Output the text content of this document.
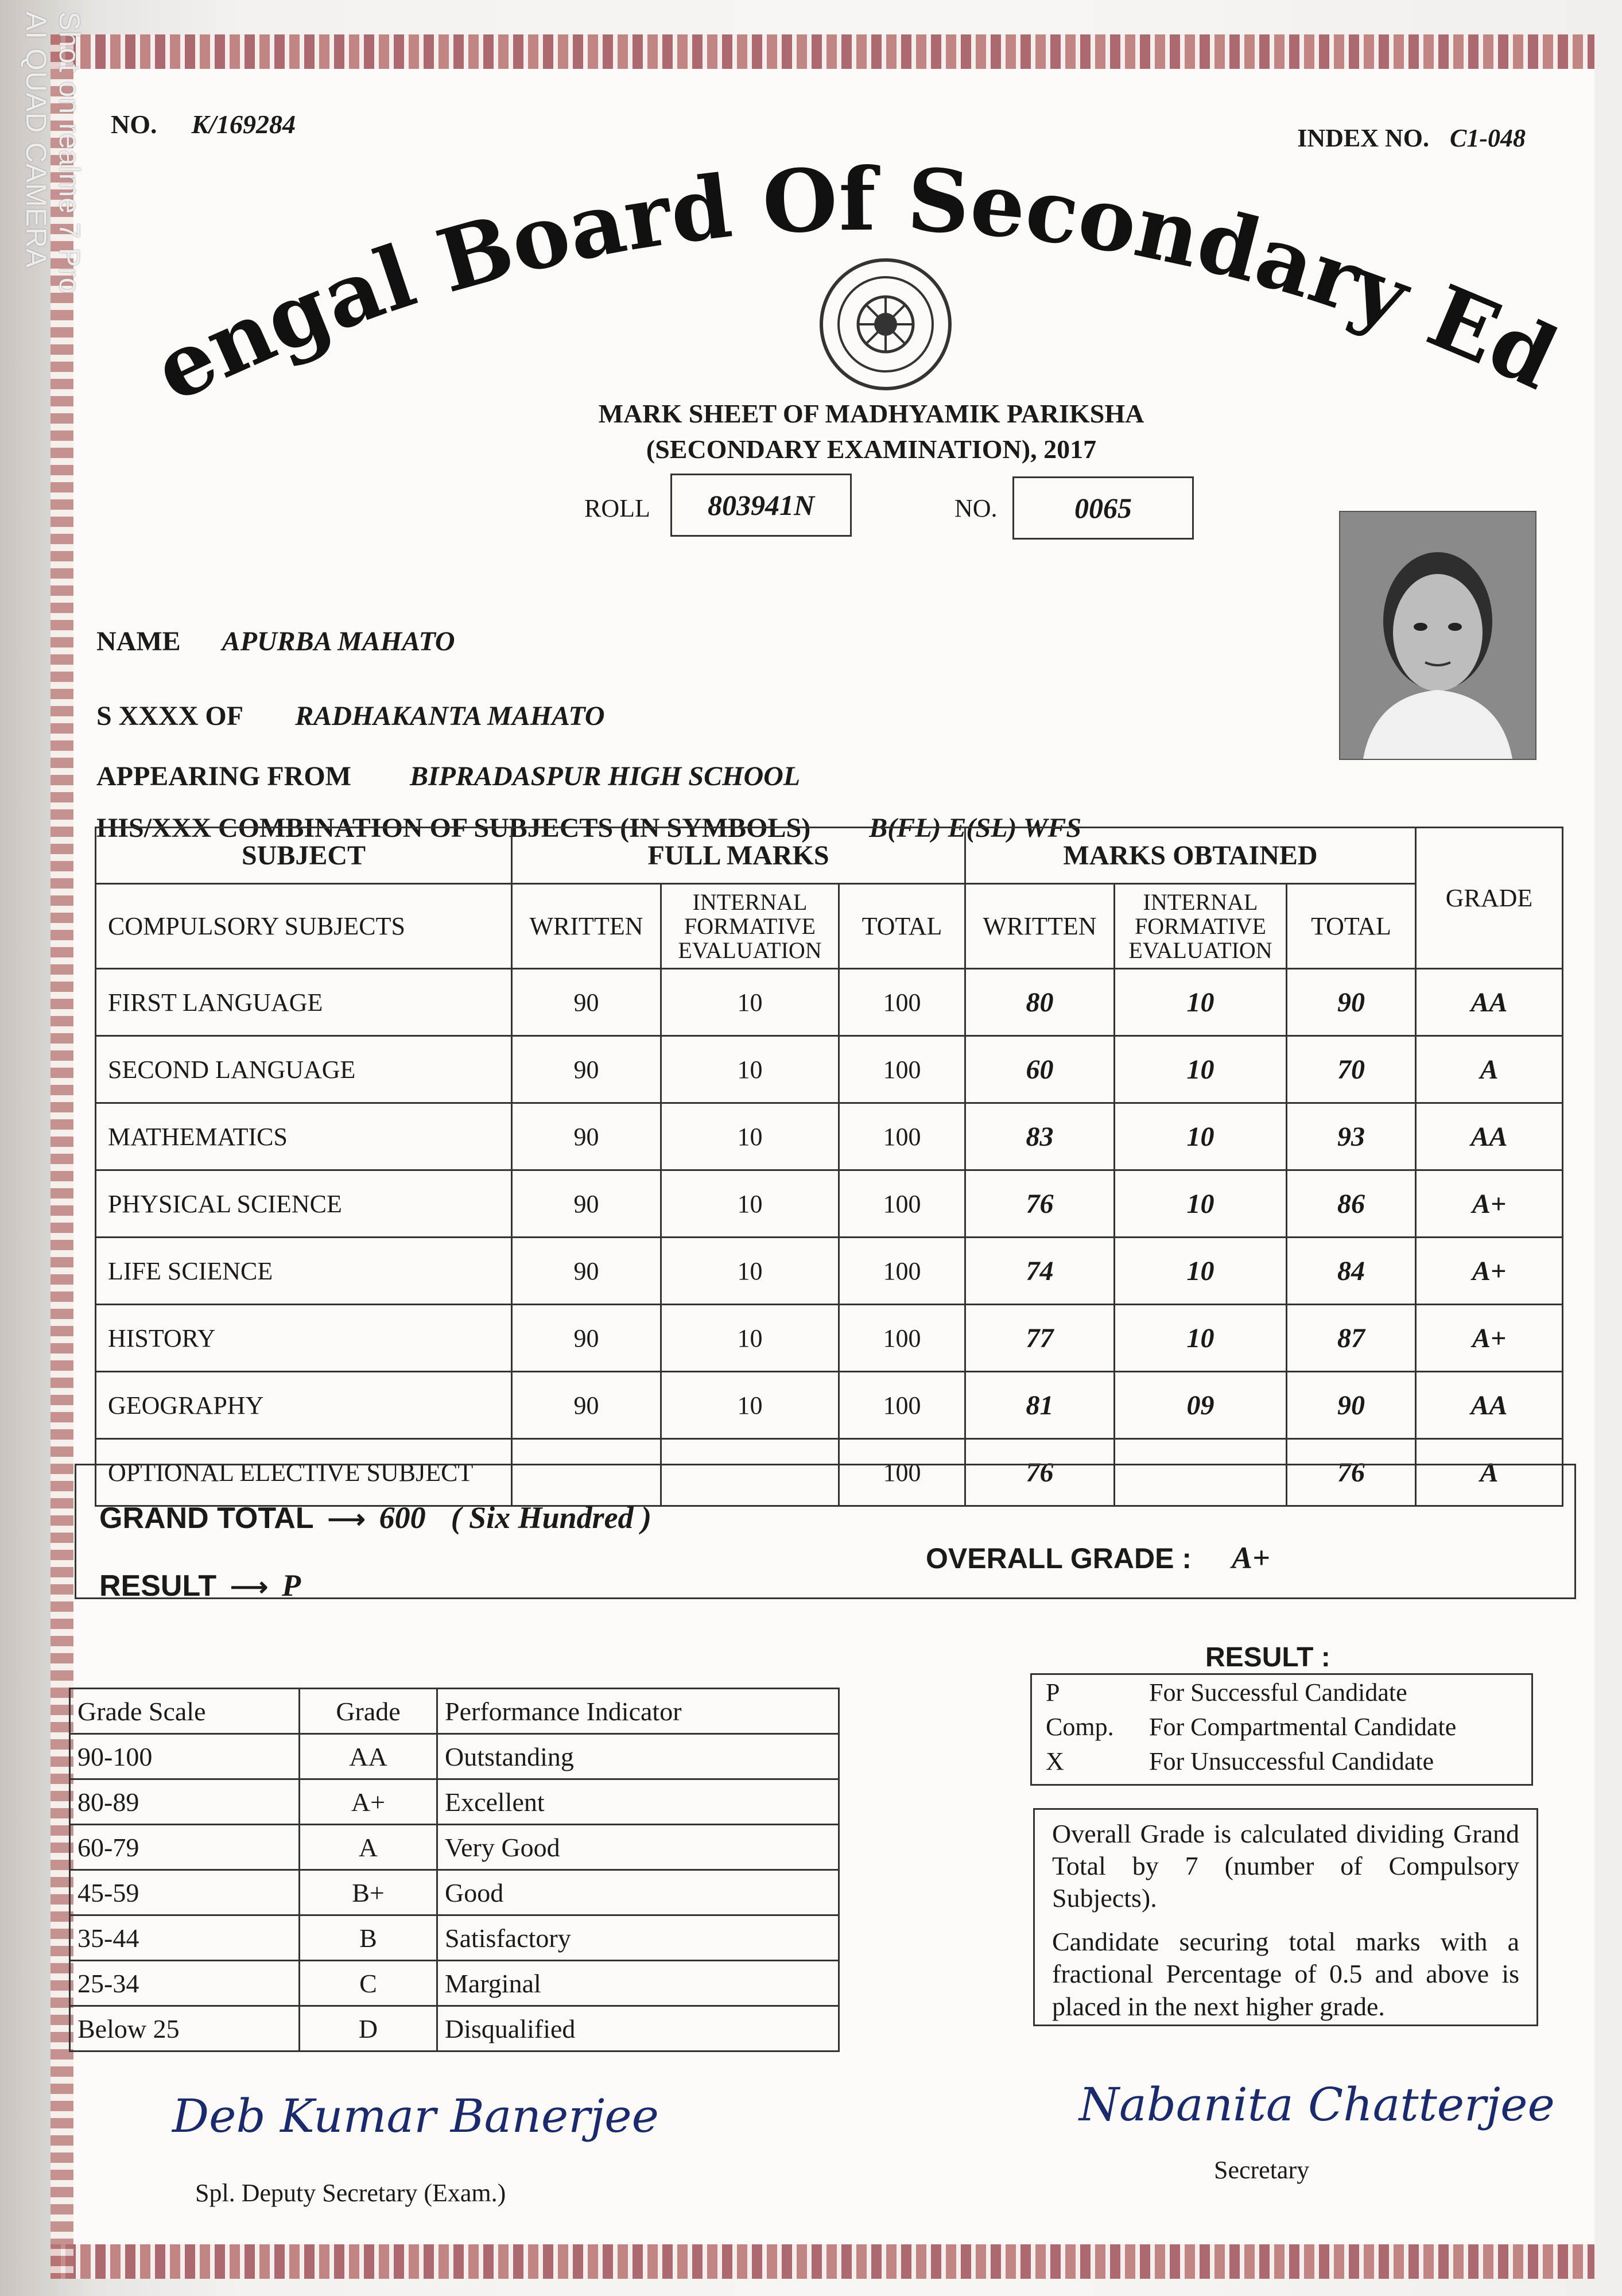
NO. K/169284	INDEX NO. C1-048
ngal Board Of Secondary Ed
MARK SHEET OF MADHYAMIK PARIKSHA
(SECONDARY EXAMINATION), 2017
ROLL	803941N	NO.	0065
NAME APURBA MAHATO
S XXXX OF RADHAKANTA MAHATO
APPEARING FROM BIPRADASPUR HIGH SCHOOL
HIS/XXX COMBINATION OF SUBJECTS (IN SYMBOLS) B(FL) E(SL) WFS
SUBJECT	FULL MARKS			MARKS OBTAINED			GRADE
COMPULSORY SUBJECTS	WRITTEN	INTERNAL FORMATIVE EVALUATION	TOTAL	WRITTEN	INTERNAL FORMATIVE EVALUATION	TOTAL	
FIRST LANGUAGE	90	10	100	80	10	90	AA
SECOND LANGUAGE	90	10	100	60	10	70	A
MATHEMATICS	90	10	100	83	10	93	AA
PHYSICAL SCIENCE	90	10	100	76	10	86	A+
LIFE SCIENCE	90	10	100	74	10	84	A+
HISTORY	90	10	100	77	10	87	A+
GEOGRAPHY	90	10	100	81	09	90	AA
OPTIONAL ELECTIVE SUBJECT			100	76		76	A
GRAND TOTAL ⟶ 600 ( Six Hundred )
RESULT ⟶ P
OVERALL GRADE : A+
Grade Scale	Grade	Performance Indicator
90-100	AA	Outstanding
80-89	A+	Excellent
60-79	A	Very Good
45-59	B+	Good
35-44	B	Satisfactory
25-34	C	Marginal
Below 25	D	Disqualified
RESULT :
P	For Successful Candidate
Comp.	For Compartmental Candidate
X	For Unsuccessful Candidate

Overall Grade is calculated dividing Grand Total by 7 (number of Compulsory Subjects).

Candidate securing total marks with a fractional Percentage of 0.5 and above is placed in the next higher grade.

Deb Kumar Banerjee
Spl. Deputy Secretary (Exam.)
Nabanita Chatterjee
Secretary
Shot on realme 7 Pro
AI QUAD CAMERA
